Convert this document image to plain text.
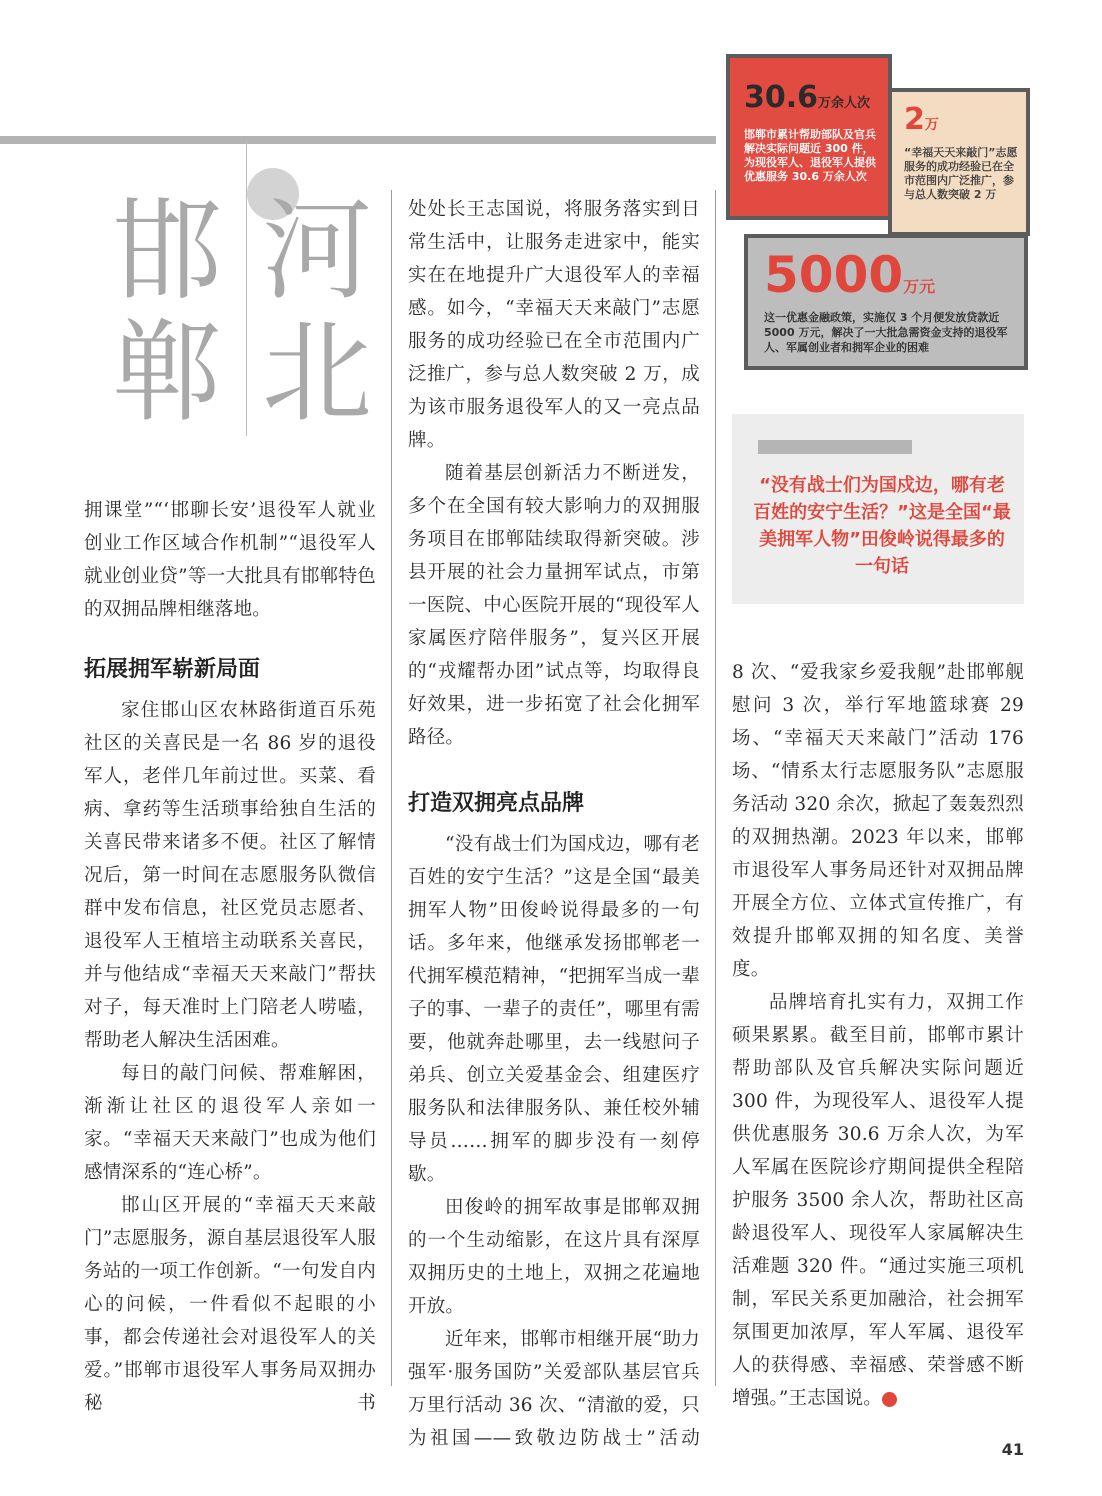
邯
郸
河
北
5000万元
这一优惠金融政策，实施仅 3 个月便发放贷款近 5000 万元，解决了一大批急需资金支持的退役军人、军属创业者和拥军企业的困难
2万
“幸福天天来敲门”志愿服务的成功经验已在全市范围内广泛推广，参与总人数突破 2 万
30.6万余人次
邯郸市累计帮助部队及官兵解决实际问题近 300 件，为现役军人、退役军人提供优惠服务 30.6 万余人次
“没有战士们为国戍边，哪有老百姓的安宁生活？”这是全国“最美拥军人物”田俊岭说得最多的一句话

拥课堂”“‘邯聊长安’退役军人就业创业工作区域合作机制”“退役军人就业创业贷”等一大批具有邯郸特色的双拥品牌相继落地。

拓展拥军崭新局面

家住邯山区农林路街道百乐苑社区的关喜民是一名 86 岁的退役军人，老伴几年前过世。买菜、看病、拿药等生活琐事给独自生活的关喜民带来诸多不便。社区了解情况后，第一时间在志愿服务队微信群中发布信息，社区党员志愿者、退役军人王植培主动联系关喜民，并与他结成“幸福天天来敲门”帮扶对子，每天准时上门陪老人唠嗑，帮助老人解决生活困难。

每日的敲门问候、帮难解困，渐渐让社区的退役军人亲如一家。“幸福天天来敲门”也成为他们感情深系的“连心桥”。

邯山区开展的“幸福天天来敲门”志愿服务，源自基层退役军人服务站的一项工作创新。“一句发自内心的问候，一件看似不起眼的小事，都会传递社会对退役军人的关爱。”邯郸市退役军人事务局双拥办秘书

处处长王志国说，将服务落实到日常生活中，让服务走进家中，能实实在在地提升广大退役军人的幸福感。如今，“幸福天天来敲门”志愿服务的成功经验已在全市范围内广泛推广，参与总人数突破 2 万，成为该市服务退役军人的又一亮点品牌。

随着基层创新活力不断迸发，多个在全国有较大影响力的双拥服务项目在邯郸陆续取得新突破。涉县开展的社会力量拥军试点，市第一医院、中心医院开展的“现役军人家属医疗陪伴服务”，复兴区开展的“戎耀帮办团”试点等，均取得良好效果，进一步拓宽了社会化拥军路径。

打造双拥亮点品牌

“没有战士们为国戍边，哪有老百姓的安宁生活？”这是全国“最美拥军人物”田俊岭说得最多的一句话。多年来，他继承发扬邯郸老一代拥军模范精神，“把拥军当成一辈子的事、一辈子的责任”，哪里有需要，他就奔赴哪里，去一线慰问子弟兵、创立关爱基金会、组建医疗服务队和法律服务队、兼任校外辅导员……拥军的脚步没有一刻停歇。

田俊岭的拥军故事是邯郸双拥的一个生动缩影，在这片具有深厚双拥历史的土地上，双拥之花遍地开放。

近年来，邯郸市相继开展“助力强军·服务国防”关爱部队基层官兵万里行活动 36 次、“清澈的爱，只为祖国——致敬边防战士”活动

8 次、“爱我家乡爱我舰”赴邯郸舰慰问 3 次，举行军地篮球赛 29 场、“幸福天天来敲门”活动 176 场、“情系太行志愿服务队”志愿服务活动 320 余次，掀起了轰轰烈烈的双拥热潮。2023 年以来，邯郸市退役军人事务局还针对双拥品牌开展全方位、立体式宣传推广，有效提升邯郸双拥的知名度、美誉度。

品牌培育扎实有力，双拥工作硕果累累。截至目前，邯郸市累计帮助部队及官兵解决实际问题近 300 件，为现役军人、退役军人提供优惠服务 30.6 万余人次，为军人军属在医院诊疗期间提供全程陪护服务 3500 余人次，帮助社区高龄退役军人、现役军人家属解决生活难题 320 件。“通过实施三项机制，军民关系更加融洽，社会拥军氛围更加浓厚，军人军属、退役军人的获得感、幸福感、荣誉感不断增强。”王志国说。	N

41
